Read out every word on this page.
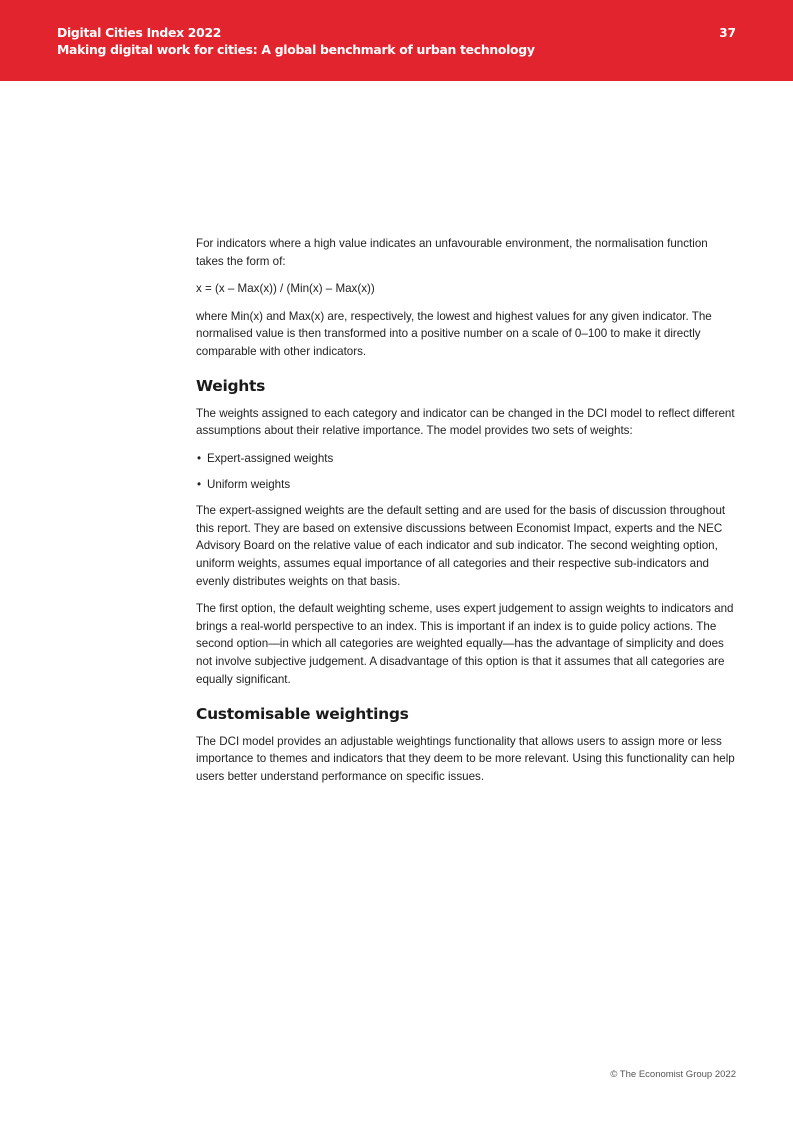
Digital Cities Index 2022
Making digital work for cities: A global benchmark of urban technology
37

For indicators where a high value indicates an unfavourable environment, the normalisation function takes the form of:

x = (x – Max(x)) / (Min(x) – Max(x))

where Min(x) and Max(x) are, respectively, the lowest and highest values for any given indicator. The normalised value is then transformed into a positive number on a scale of 0–100 to make it directly comparable with other indicators.

Weights

The weights assigned to each category and indicator can be changed in the DCI model to reflect different assumptions about their relative importance. The model provides two sets of weights:

• Expert-assigned weights
• Uniform weights

The expert-assigned weights are the default setting and are used for the basis of discussion throughout this report. They are based on extensive discussions between Economist Impact, experts and the NEC Advisory Board on the relative value of each indicator and sub indicator. The second weighting option, uniform weights, assumes equal importance of all categories and their respective sub-indicators and evenly distributes weights on that basis.

The first option, the default weighting scheme, uses expert judgement to assign weights to indicators and brings a real-world perspective to an index. This is important if an index is to guide policy actions. The second option—in which all categories are weighted equally—has the advantage of simplicity and does not involve subjective judgement. A disadvantage of this option is that it assumes that all categories are equally significant.

Customisable weightings

The DCI model provides an adjustable weightings functionality that allows users to assign more or less importance to themes and indicators that they deem to be more relevant. Using this functionality can help users better understand performance on specific issues.

© The Economist Group 2022
